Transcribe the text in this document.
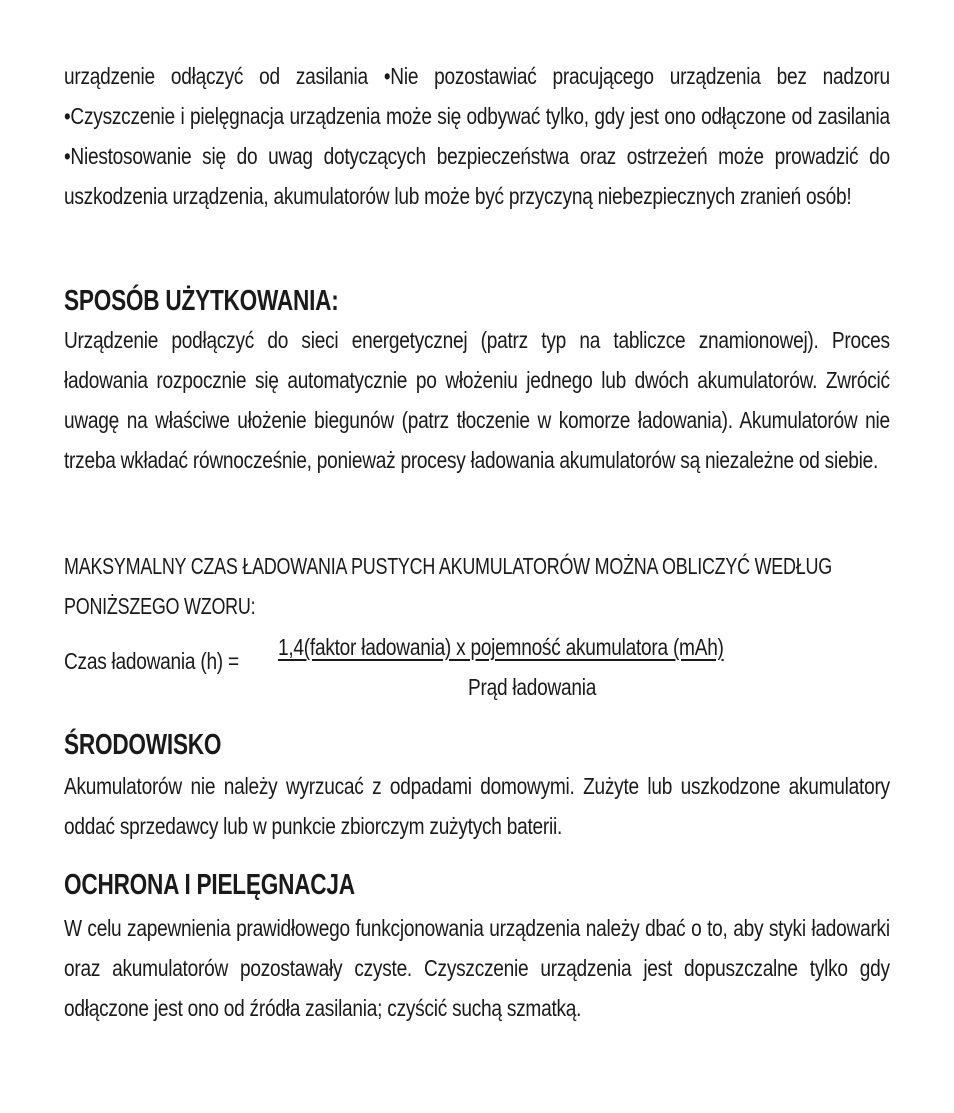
urządzenie odłączyć od zasilania •Nie pozostawiać pracującego urządzenia bez nadzoru •Czyszczenie i pielęgnacja urządzenia może się odbywać tylko, gdy jest ono odłączone od zasilania •Niestosowanie się do uwag dotyczących bezpieczeństwa oraz ostrzeżeń może prowadzić do uszkodzenia urządzenia, akumulatorów lub może być przyczyną niebezpiecznych zranień osób!

SPOSÓB UŻYTKOWANIA:

Urządzenie podłączyć do sieci energetycznej (patrz typ na tabliczce znamionowej). Proces ładowania rozpocznie się automatycznie po włożeniu jednego lub dwóch akumulatorów. Zwrócić uwagę na właściwe ułożenie biegunów (patrz tłoczenie w komorze ładowania). Akumulatorów nie trzeba wkładać równocześnie, ponieważ procesy ładowania akumulatorów są niezależne od siebie.

MAKSYMALNY CZAS ŁADOWANIA PUSTYCH AKUMULATORÓW MOŻNA OBLICZYĆ WEDŁUG PONIŻSZEGO WZORU:

Czas ładowania (h) =
1,4(faktor ładowania) x pojemność akumulatora (mAh)
Prąd ładowania
ŚRODOWISKO

Akumulatorów nie należy wyrzucać z odpadami domowymi. Zużyte lub uszkodzone akumulatory oddać sprzedawcy lub w punkcie zbiorczym zużytych baterii.

OCHRONA I PIELĘGNACJA

W celu zapewnienia prawidłowego funkcjonowania urządzenia należy dbać o to, aby styki ładowarki oraz akumulatorów pozostawały czyste. Czyszczenie urządzenia jest dopuszczalne tylko gdy odłączone jest ono od źródła zasilania; czyścić suchą szmatką.
